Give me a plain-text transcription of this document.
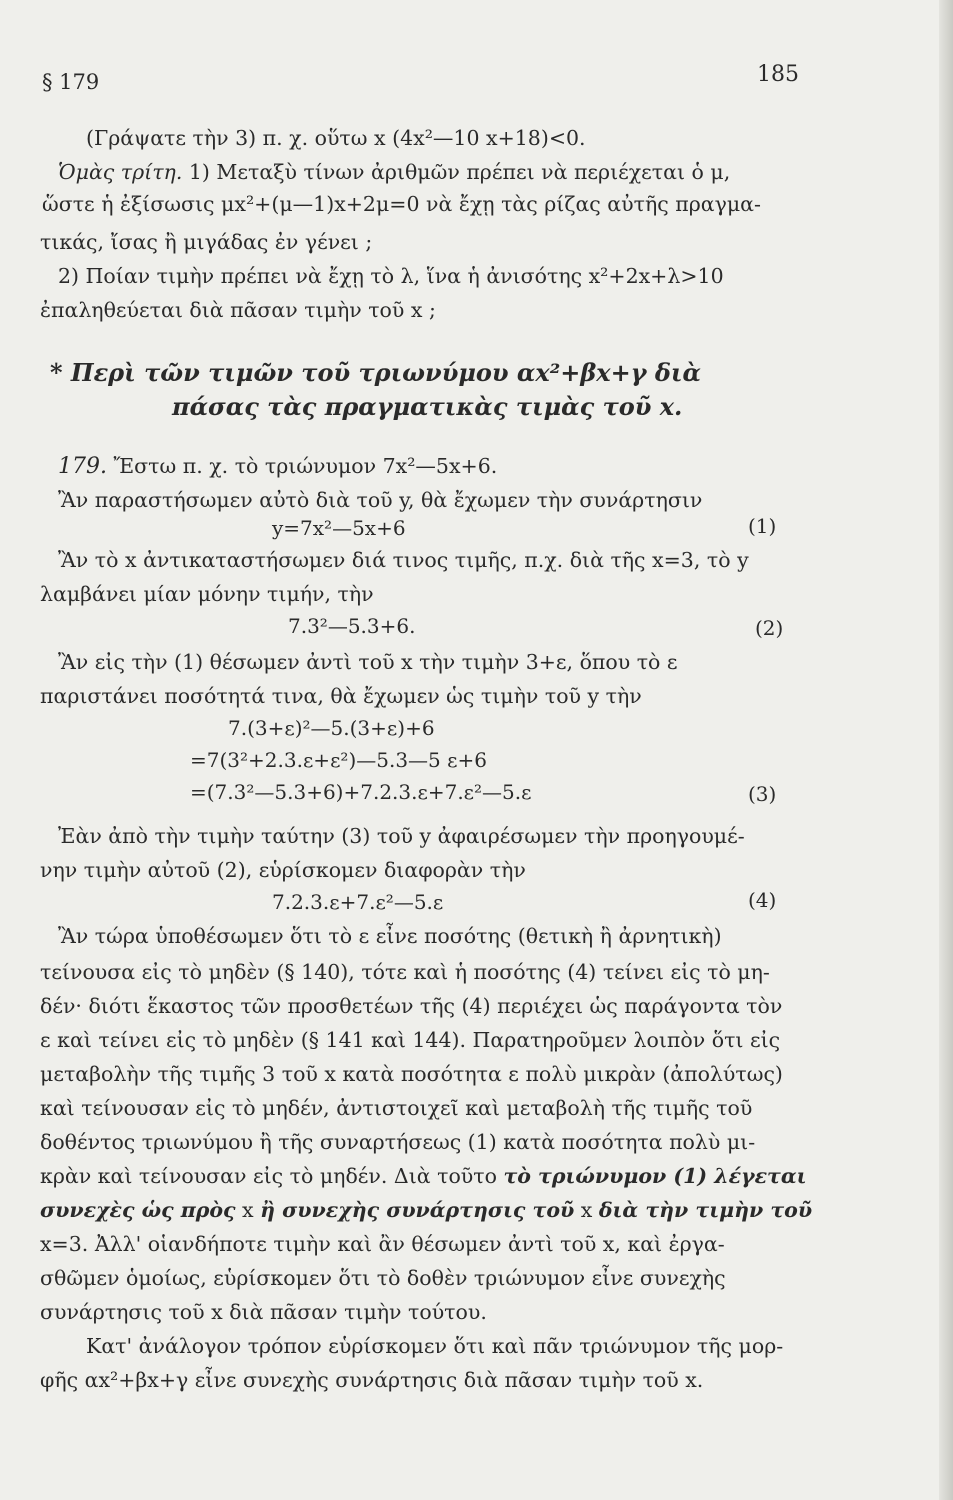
§ 179	185
(Γράψατε τὴν 3) π. χ. οὕτω x (4x²—10 x+18)<0.
Ὁμὰς τρίτη. 1) Μεταξὺ τίνων ἀριθμῶν πρέπει νὰ περιέχεται ὁ μ,
ὥστε ἡ ἐξίσωσις μx²+(μ—1)x+2μ=0 νὰ ἔχῃ τὰς ρίζας αὐτῆς πραγμα-
τικάς, ἴσας ἢ μιγάδας ἐν γένει ;
2) Ποίαν τιμὴν πρέπει νὰ ἔχῃ τὸ λ, ἵνα ἡ ἀνισότης x²+2x+λ>10
ἐπαληθεύεται διὰ πᾶσαν τιμὴν τοῦ x ;
* Περὶ τῶν τιμῶν τοῦ τριωνύμου αx²+βx+γ διὰ
πάσας τὰς πραγματικὰς τιμὰς τοῦ x.
179. Ἔστω π. χ. τὸ τριώνυμον 7x²—5x+6.
Ἂν παραστήσωμεν αὐτὸ διὰ τοῦ y, θὰ ἔχωμεν τὴν συνάρτησιν
y=7x²—5x+6	(1)
Ἂν τὸ x ἀντικαταστήσωμεν διά τινος τιμῆς, π.χ. διὰ τῆς x=3, τὸ y
λαμβάνει μίαν μόνην τιμήν, τὴν
7.3²—5.3+6.	(2)
Ἂν εἰς τὴν (1) θέσωμεν ἀντὶ τοῦ x τὴν τιμὴν 3+ε, ὅπου τὸ ε
παριστάνει ποσότητά τινα, θὰ ἔχωμεν ὡς τιμὴν τοῦ y τὴν
7.(3+ε)²—5.(3+ε)+6
=7(3²+2.3.ε+ε²)—5.3—5 ε+6
=(7.3²—5.3+6)+7.2.3.ε+7.ε²—5.ε	(3)
Ἐὰν ἀπὸ τὴν τιμὴν ταύτην (3) τοῦ y ἀφαιρέσωμεν τὴν προηγουμέ-
νην τιμὴν αὐτοῦ (2), εὑρίσκομεν διαφορὰν τὴν
7.2.3.ε+7.ε²—5.ε	(4)
Ἂν τώρα ὑποθέσωμεν ὅτι τὸ ε εἶνε ποσότης (θετικὴ ἢ ἀρνητικὴ)
τείνουσα εἰς τὸ μηδὲν (§ 140), τότε καὶ ἡ ποσότης (4) τείνει εἰς τὸ μη-
δέν· διότι ἕκαστος τῶν προσθετέων τῆς (4) περιέχει ὡς παράγοντα τὸν
ε καὶ τείνει εἰς τὸ μηδὲν (§ 141 καὶ 144). Παρατηροῦμεν λοιπὸν ὅτι εἰς
μεταβολὴν τῆς τιμῆς 3 τοῦ x κατὰ ποσότητα ε πολὺ μικρὰν (ἀπολύτως)
καὶ τείνουσαν εἰς τὸ μηδέν, ἀντιστοιχεῖ καὶ μεταβολὴ τῆς τιμῆς τοῦ
δοθέντος τριωνύμου ἢ τῆς συναρτήσεως (1) κατὰ ποσότητα πολὺ μι-
κρὰν καὶ τείνουσαν εἰς τὸ μηδέν. Διὰ τοῦτο τὸ τριώνυμον (1) λέγεται
συνεχὲς ὡς πρὸς x ἢ συνεχὴς συνάρτησις τοῦ x διὰ τὴν τιμὴν τοῦ
x=3. Ἀλλ' οἱανδήποτε τιμὴν καὶ ἂν θέσωμεν ἀντὶ τοῦ x, καὶ ἐργα-
σθῶμεν ὁμοίως, εὑρίσκομεν ὅτι τὸ δοθὲν τριώνυμον εἶνε συνεχὴς
συνάρτησις τοῦ x διὰ πᾶσαν τιμὴν τούτου.
Κατ' ἀνάλογον τρόπον εὑρίσκομεν ὅτι καὶ πᾶν τριώνυμον τῆς μορ-
φῆς αx²+βx+γ εἶνε συνεχὴς συνάρτησις διὰ πᾶσαν τιμὴν τοῦ x.
